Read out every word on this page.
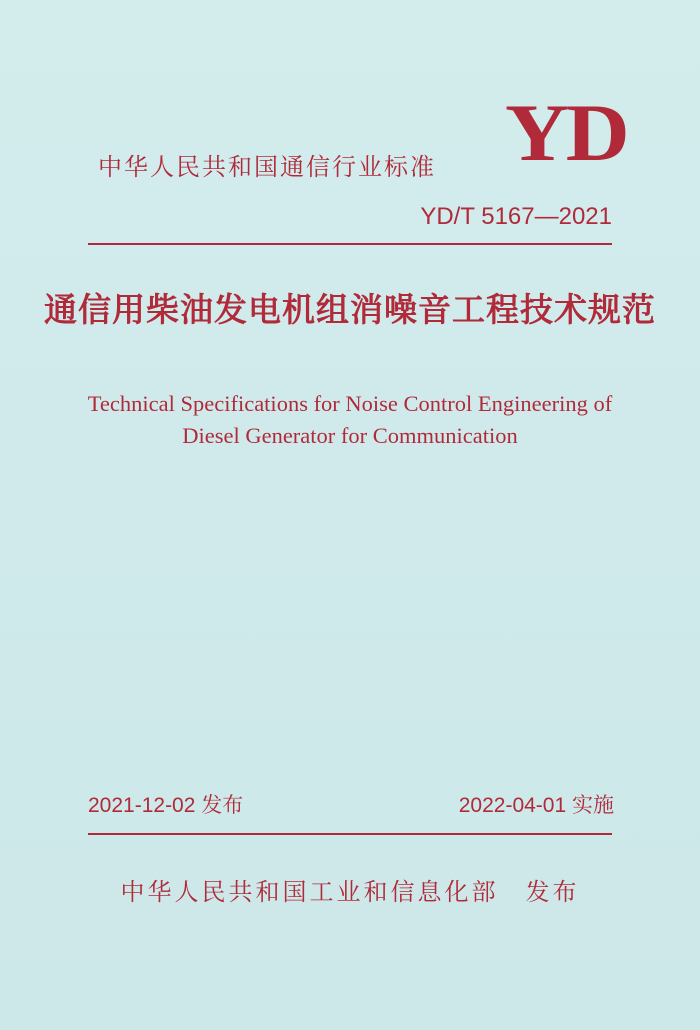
YD
中华人民共和国通信行业标准
YD/T 5167—2021
通信用柴油发电机组消噪音工程技术规范
Technical Specifications for Noise Control Engineering of
Diesel Generator for Communication
2021-12-02 发布	2022-04-01 实施
中华人民共和国工业和信息化部　发布
